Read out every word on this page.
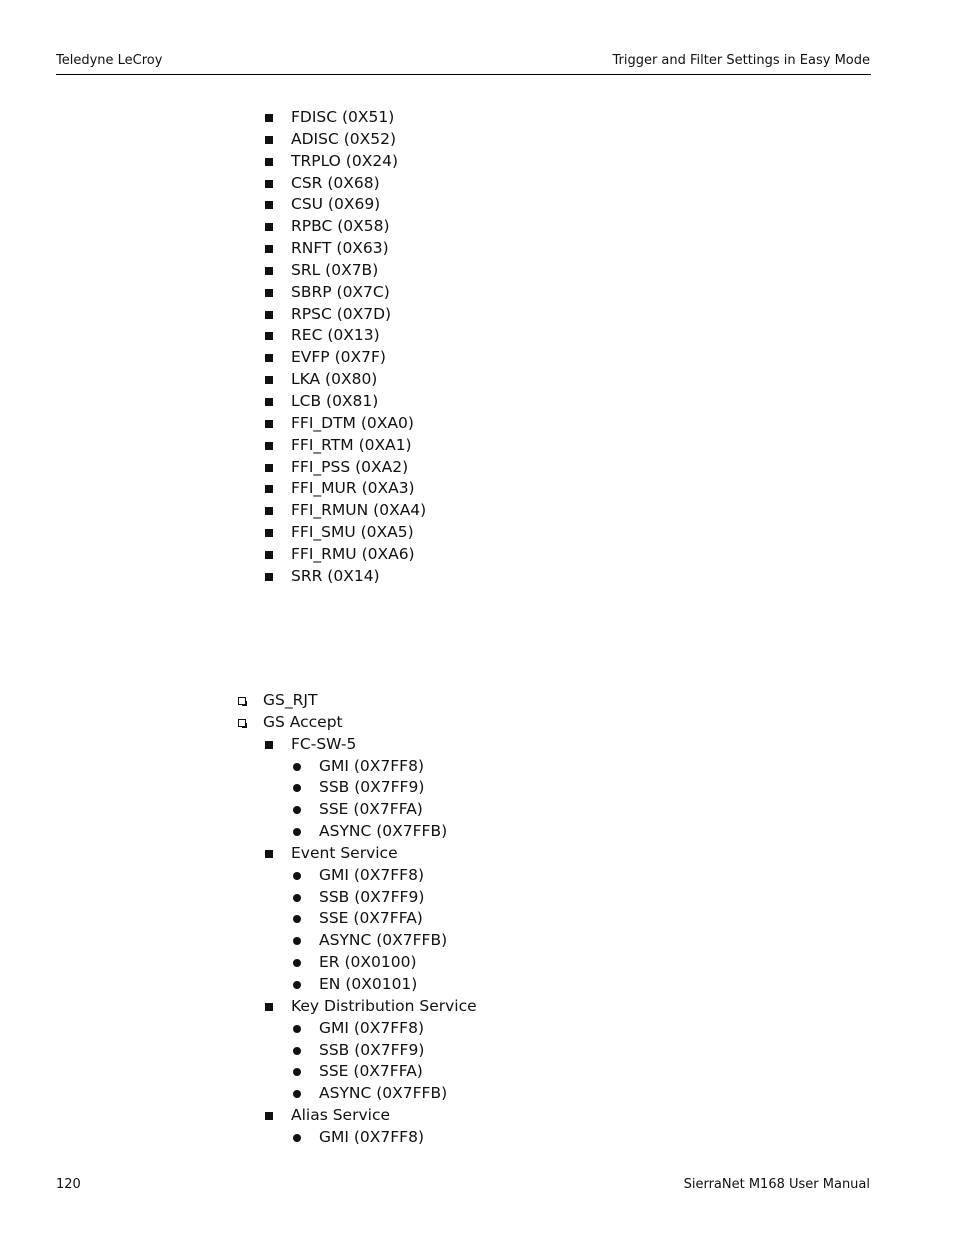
Teledyne LeCroy	Trigger and Filter Settings in Easy Mode
FDISC (0X51)
ADISC (0X52)
TRPLO (0X24)
CSR (0X68)
CSU (0X69)
RPBC (0X58)
RNFT (0X63)
SRL (0X7B)
SBRP (0X7C)
RPSC (0X7D)
REC (0X13)
EVFP (0X7F)
LKA (0X80)
LCB (0X81)
FFI_DTM (0XA0)
FFI_RTM (0XA1)
FFI_PSS (0XA2)
FFI_MUR (0XA3)
FFI_RMUN (0XA4)
FFI_SMU (0XA5)
FFI_RMU (0XA6)
SRR (0X14)
GS_RJT
GS Accept
FC-SW-5
GMI (0X7FF8)
SSB (0X7FF9)
SSE (0X7FFA)
ASYNC (0X7FFB)
Event Service
GMI (0X7FF8)
SSB (0X7FF9)
SSE (0X7FFA)
ASYNC (0X7FFB)
ER (0X0100)
EN (0X0101)
Key Distribution Service
GMI (0X7FF8)
SSB (0X7FF9)
SSE (0X7FFA)
ASYNC (0X7FFB)
Alias Service
GMI (0X7FF8)
120	SierraNet M168 User Manual
